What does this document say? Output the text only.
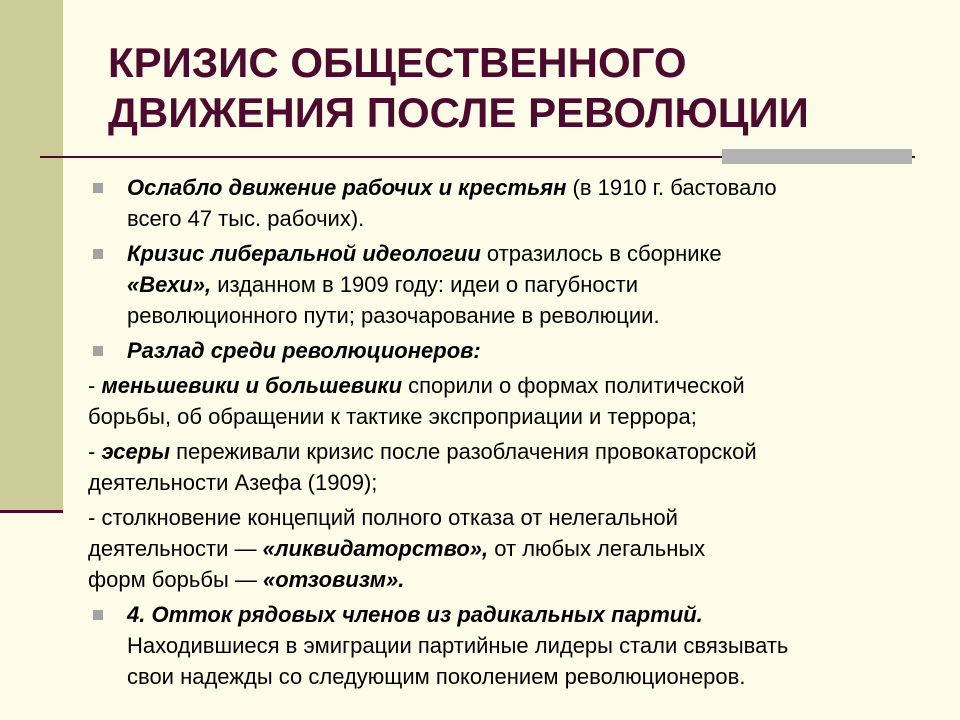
КРИЗИС ОБЩЕСТВЕННОГО
ДВИЖЕНИЯ ПОСЛЕ РЕВОЛЮЦИИ

Ослабло движение рабочих и крестьян (в 1910 г. бастовало
всего 47 тыс. рабочих).

Кризис либеральной идеологии отразилось в сборнике
«Вехи», изданном в 1909 году: идеи о пагубности
революционного пути; разочарование в революции.

Разлад среди революционеров:

- меньшевики и большевики спорили о формах политической
борьбы, об обращении к тактике экспроприации и террора;

- эсеры переживали кризис после разоблачения провокаторской
деятельности Азефа (1909);

- столкновение концепций полного отказа от нелегальной
деятельности — «ликвидаторство», от любых легальных
форм борьбы — «отзовизм».

4. Отток рядовых членов из радикальных партий.
Находившиеся в эмиграции партийные лидеры стали связывать
свои надежды со следующим поколением революционеров.
